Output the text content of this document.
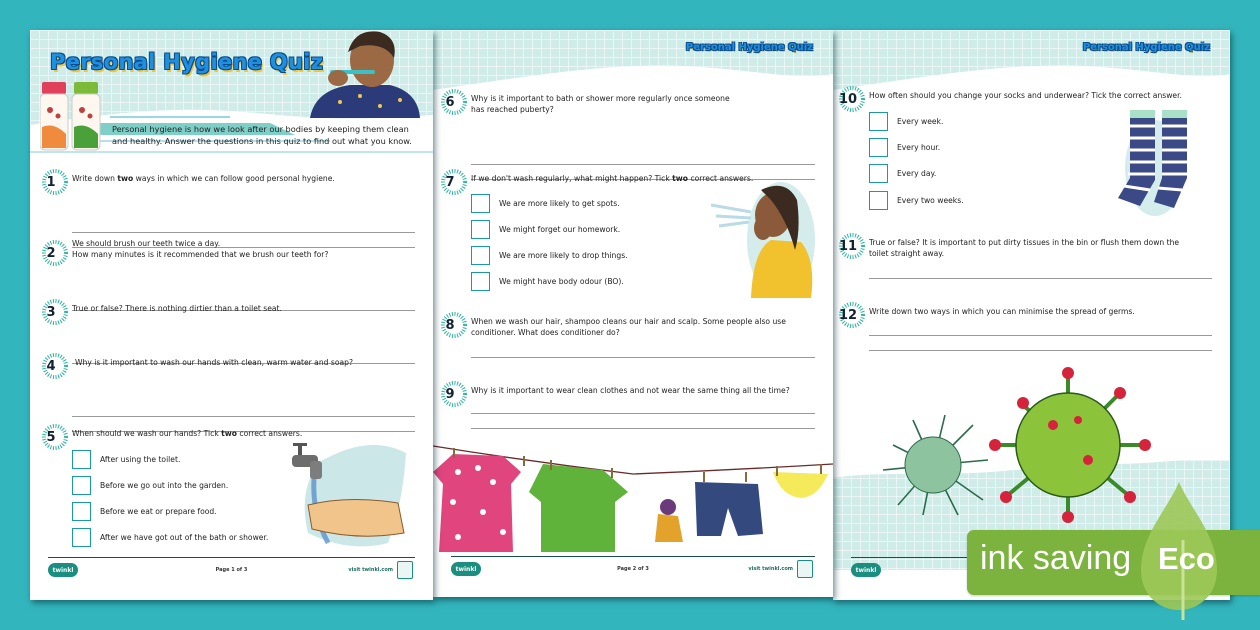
Personal Hygiene Quiz
Personal hygiene is how we look after our bodies by keeping them clean and healthy. Answer the questions in this quiz to find out what you know.
1 Write down two ways in which we can follow good personal hygiene.
2
We should brush our teeth twice a day.
How many minutes is it recommended that we brush our teeth for?
3 True or false? There is nothing dirtier than a toilet seat.
4	Why is it important to wash our hands with clean, warm water and soap?
5 When should we wash our hands? Tick two correct answers.
After using the toilet.
Before we go out into the garden.
Before we eat or prepare food.
After we have got out of the bath or shower.
twinkl	Page 1 of 3	visit twinkl.com
Personal Hygiene Quiz
6 Why is it important to bath or shower more regularly once someone
has reached puberty?
7 If we don't wash regularly, what might happen? Tick two correct answers.
We are more likely to get spots.
We might forget our homework.
We are more likely to drop things.
We might have body odour (BO).
8 When we wash our hair, shampoo cleans our hair and scalp. Some people also use
conditioner. What does conditioner do?
9 Why is it important to wear clean clothes and not wear the same thing all the time?
twinkl	Page 2 of 3	visit twinkl.com
Personal Hygiene Quiz
10 How often should you change your socks and underwear? Tick the correct answer.
Every week.
Every hour.
Every day.
Every two weeks.
11 True or false? It is important to put dirty tissues in the bin or flush them down the
toilet straight away.
12 Write down two ways in which you can minimise the spread of germs.
twinkl	ink saving Eco
